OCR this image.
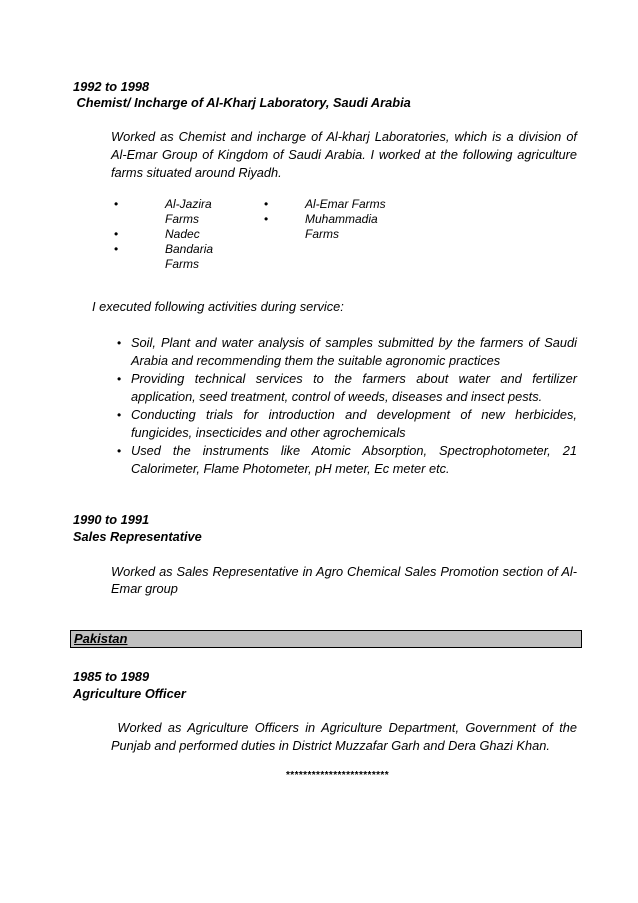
1992 to 1998
Chemist/ Incharge of Al-Kharj Laboratory, Saudi Arabia
Worked as Chemist and incharge of Al-kharj Laboratories, which is a division of
Al-Emar Group of Kingdom of Saudi Arabia. I worked at the following agriculture
farms situated around Riyadh.
•	Al-Jazira
Farms
•	Nadec
•	Bandaria
Farms
•	Al-Emar Farms
•	Muhammadia
Farms
I executed following activities during service:
• Soil, Plant and water analysis of samples submitted by the farmers of Saudi
Arabia and recommending them the suitable agronomic practices
• Providing technical services to the farmers about water and fertilizer
application, seed treatment, control of weeds, diseases and insect pests.
• Conducting trials for introduction and development of new herbicides,
fungicides, insecticides and other agrochemicals
• Used the instruments like Atomic Absorption, Spectrophotometer, 21
Calorimeter, Flame Photometer, pH meter, Ec meter etc.
1990 to 1991
Sales Representative
Worked as Sales Representative in Agro Chemical Sales Promotion section of Al-
Emar group
Pakistan
1985 to 1989
Agriculture Officer
Worked as Agriculture Officers in Agriculture Department, Government of the
Punjab and performed duties in District Muzzafar Garh and Dera Ghazi Khan.
************************
